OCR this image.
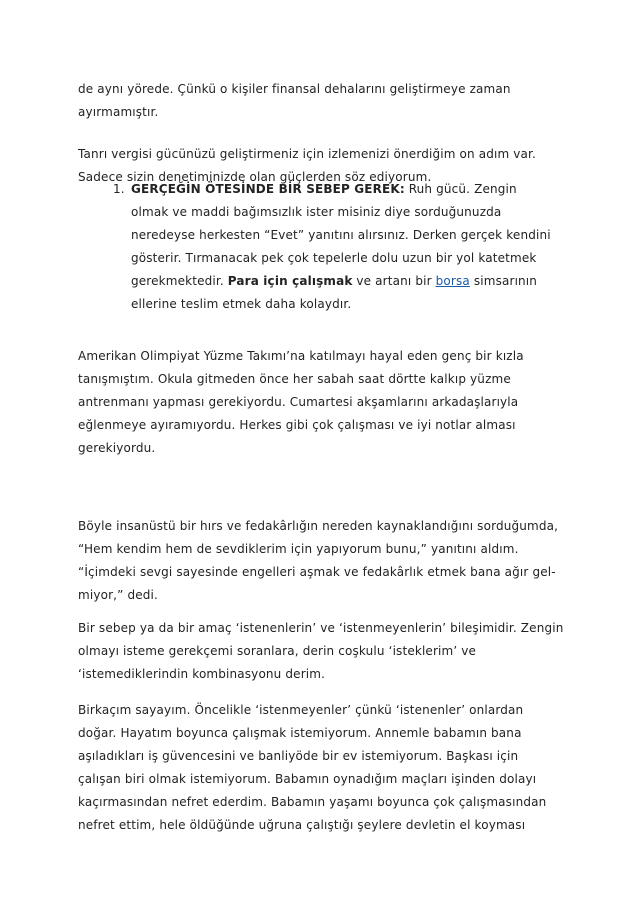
de aynı yörede. Çünkü o kişiler finansal dehalarını geliştirmeye zaman
ayırmamıştır.
Tanrı vergisi gücünüzü geliştirmeniz için izlemenizi önerdiğim on adım var.
Sadece sizin denetiminizde olan güçlerden söz ediyorum.
1. GERÇEĞİN ÖTESİNDE BİR SEBEP GEREK: Ruh gücü. Zengin
olmak ve maddi bağımsızlık ister misiniz diye sorduğunuzda
neredeyse herkesten “Evet” yanıtını alırsınız. Derken gerçek kendini
gösterir. Tırmanacak pek çok tepelerle dolu uzun bir yol katetmek
gerekmektedir. Para için çalışmak ve artanı bir borsa simsarının
ellerine teslim etmek daha kolaydır.
Amerikan Olimpiyat Yüzme Takımı’na katılmayı hayal eden genç bir kızla
tanışmıştım. Okula gitmeden önce her sabah saat dörtte kalkıp yüzme
antrenmanı yapması gerekiyordu. Cumartesi akşamlarını arkadaşlarıyla
eğlenmeye ayıramıyordu. Herkes gibi çok çalışması ve iyi notlar alması
gerekiyordu.
Böyle insanüstü bir hırs ve fedakârlığın nereden kaynaklandığını sorduğumda,
“Hem kendim hem de sevdiklerim için yapıyorum bunu,” yanıtını aldım.
“İçimdeki sevgi sayesinde engelleri aşmak ve fedakârlık etmek bana ağır gel-
miyor,” dedi.
Bir sebep ya da bir amaç ‘istenenlerin’ ve ‘istenmeyenlerin’ bileşimidir. Zengin
olmayı isteme gerekçemi soranlara, derin coşkulu ‘isteklerim’ ve
‘istemediklerindin kombinasyonu derim.
Birkaçım sayayım. Öncelikle ‘istenmeyenler’ çünkü ‘istenenler’ onlardan
doğar. Hayatım boyunca çalışmak istemiyorum. Annemle babamın bana
aşıladıkları iş güvencesini ve banliyöde bir ev istemiyorum. Başkası için
çalışan biri olmak istemiyorum. Babamın oynadığım maçları işinden dolayı
kaçırmasından nefret ederdim. Babamın yaşamı boyunca çok çalışmasından
nefret ettim, hele öldüğünde uğruna çalıştığı şeylere devletin el koyması
